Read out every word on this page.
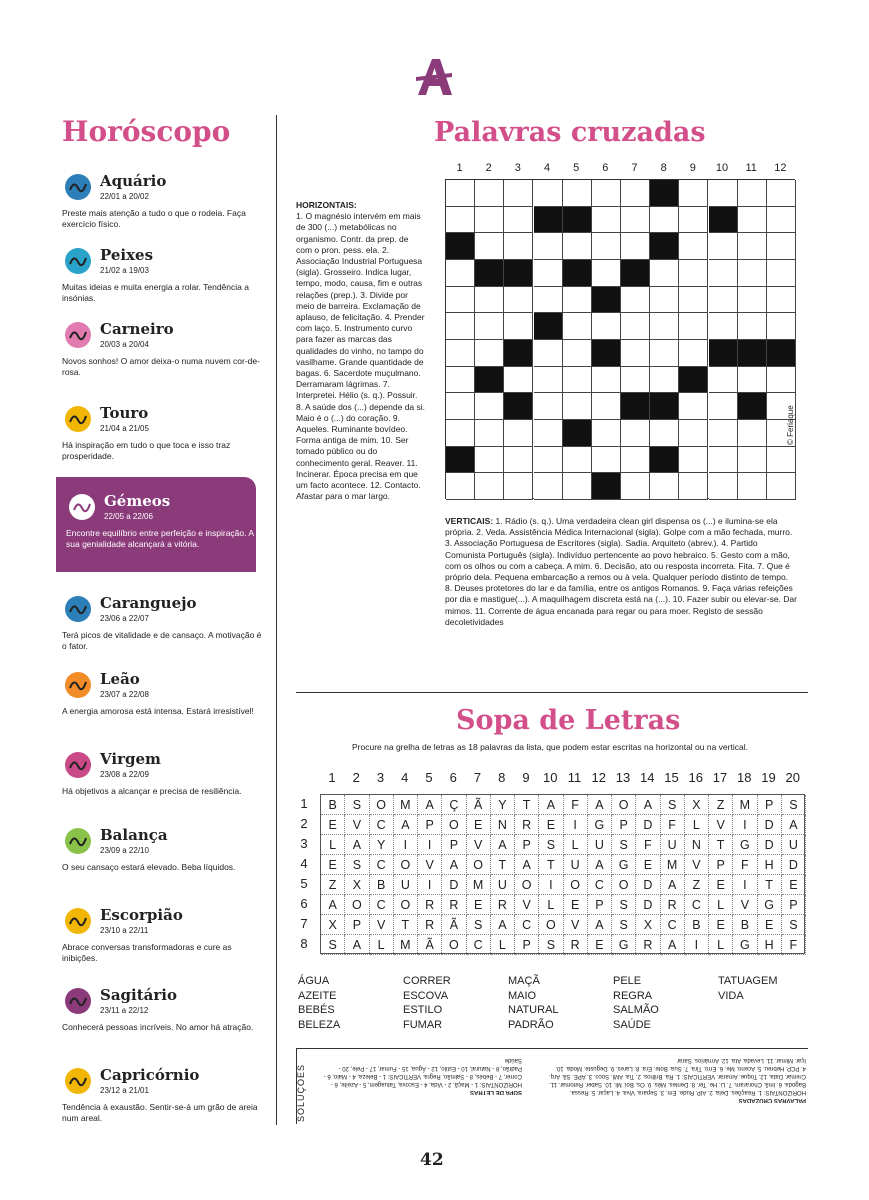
Horóscopo
Aquário
22/01 a 20/02
Preste mais atenção a tudo o que o rodeia. Faça exercício físico.
Peixes
21/02 a 19/03
Muitas ideias e muita energia a rolar. Tendência a insónias.
Carneiro
20/03 a 20/04
Novos sonhos! O amor deixa-o numa nuvem cor-de-rosa.
Touro
21/04 a 21/05
Há inspiração em tudo o que toca e isso traz prosperidade.
Gémeos
22/05 a 22/06
Encontre equilíbrio entre perfeição e inspiração. A sua genialidade alcançará a vitória.
Caranguejo
23/06 a 22/07
Terá picos de vitalidade e de cansaço. A motivação é o fator.
Leão
23/07 a 22/08
A energia amorosa está intensa. Estará irresistível!
Virgem
23/08 a 22/09
Há objetivos a alcançar e precisa de resiliência.
Balança
23/09 a 22/10
O seu cansaço estará elevado. Beba líquidos.
Escorpião
23/10 a 22/11
Abrace conversas transformadoras e cure as inibições.
Sagitário
23/11 a 22/12
Conhecerá pessoas incríveis. No amor há atração.
Capricórnio
23/12 a 21/01
Tendência à exaustão. Sentir-se-á um grão de areia num areal.
Palavras cruzadas
1	2	3	4	5	6	7	8	9	10	11	12
© Feriaque
HORIZONTAIS:
1. O magnésio intervém em mais de 300 (...) metabólicas no organismo. Contr. da prep. de com o pron. pess. ela. 2. Associação Industrial Portuguesa (sigla). Grosseiro. Indica lugar, tempo, modo, causa, fim e outras relações (prep.). 3. Divide por meio de barreira. Exclamação de aplauso, de felicitação. 4. Prender com laço. 5. Instrumento curvo para fazer as marcas das qualidades do vinho, no tampo do vasilhame. Grande quantidade de bagas. 6. Sacerdote muçulmano. Derramaram lágrimas. 7. Interpretei. Hélio (s. q.). Possuir. 8. A saúde dos (...) depende da si. Maio é o (...) do coração. 9. Aqueles. Ruminante bovídeo. Forma antiga de mim. 10. Ser tomado público ou do conhecimento geral. Reaver. 11. Incinerar. Época precisa em que um facto acontece. 12. Contacto. Afastar para o mar largo.
VERTICAIS: 1. Rádio (s. q.). Uma verdadeira clean girl dispensa os (...) e ilumina-se ela própria. 2. Veda. Assistência Médica Internacional (sigla). Golpe com a mão fechada, murro. 3. Associação Portuguesa de Escritores (sigla). Sadia. Arquiteto (abrev.). 4. Partido Comunista Português (sigla). Indivíduo pertencente ao povo hebraico. 5. Gesto com a mão, com os olhos ou com a cabeça. A mim. 6. Decisão, ato ou resposta incorreta. Fita. 7. Que é próprio dela. Pequena embarcação a remos ou à vela. Qualquer período distinto de tempo. 8. Deuses protetores do lar e da família, entre os antigos Romanos. 9. Faça várias refeições por dia e mastigue(...). A maquilhagem discreta está na (...). 10. Fazer subir ou elevar-se. Dar mimos. 11. Corrente de água encanada para regar ou para moer. Registo de sessão decoletividades
Sopa de Letras
Procure na grelha de letras as 18 palavras da lista, que podem estar escritas na horizontal ou na vertical.
1	2	3	4	5	6	7	8	9	10 11 12 13 14 15 16 17 18 19 20
1
2
3
4
5
6
7
8
B	S	O	M	A	Ç	Ã	Y	T	A	F	A	O	A	S	X	Z	M	P	S
E	V	C	A	P	O	E	N	R	E	I	G	P	D	F	L	V	I	D	A
L	A	Y	I	I	P	V	A	P	S	L	U	S	F	U	N	T	G	D	U
E	S	C	O	V	A	O	T	A	T	U	A	G	E	M	V	P	F	H	D
Z	X	B	U	I	D	M	U	O	I	O	C	O	D	A	Z	E	I	T	E
A	O	C	O	R	R	E	R	V	L	E	P	S	D	R	C	L	V	G	P
X	P	V	T	R	Ã	S	A	C	O	V	A	S	X	C	B	E	B	E	S
S	A	L	M	Ã	O	C	L	P	S	R	E	G	R	A	I	L	G	H	F
ÁGUA
AZEITE
BEBÉS
BELEZA
CORRER
ESCOVA
ESTILO
FUMAR
MAÇÃ
MAIO
NATURAL
PADRÃO
PELE
REGRA
SALMÃO
SAÚDE
TATUAGEM
VIDA
SOLUÇÕES	SOPA DE LETRAS
HORIZONTAIS: 1 - Maçã, 2 - Vida, 4 - Escova, Tatuagem, 5 - Azeite, 6 - Correr, 7 - Bebés, 8 - Salmão, Regra. VERTICAIS: 1 - Beleza, 4 - Maio, 6 - Padrão, 8 - Natural, 10 - Estilo, 12 - Água, 15 - Fumar, 17 - Pele, 20 - Saúde
PALAVRAS CRUZADAS
HORIZONTAIS: 1. Reações. Dela. 2. AIP. Rude. Em. 3. Separa. Viva. 4. Laçar. 5. Ressa. Bagoda. 6. Imã. Choraram. 7. Li. He. Ter. 8. Dentes. Mês. 9. Os. Boi. Mi. 10. Saber. Retomar. 11. Cremar. Data. 12. Toque. Amarar. VERTICAIS: 1. Ra. Brilhos. 2. Tia. AMI. Soco. 3. APE. Sã. Arq. 4. PCP. Hebreu. 5. Aceno. Me. 6. Erro. Tira. 7. Sua. Bote. Era. 8. Lares. 9. Deguste. Moda. 10. Içar. Mimar. 11. Levada. Ata. 12. Armários. Sarar
42
